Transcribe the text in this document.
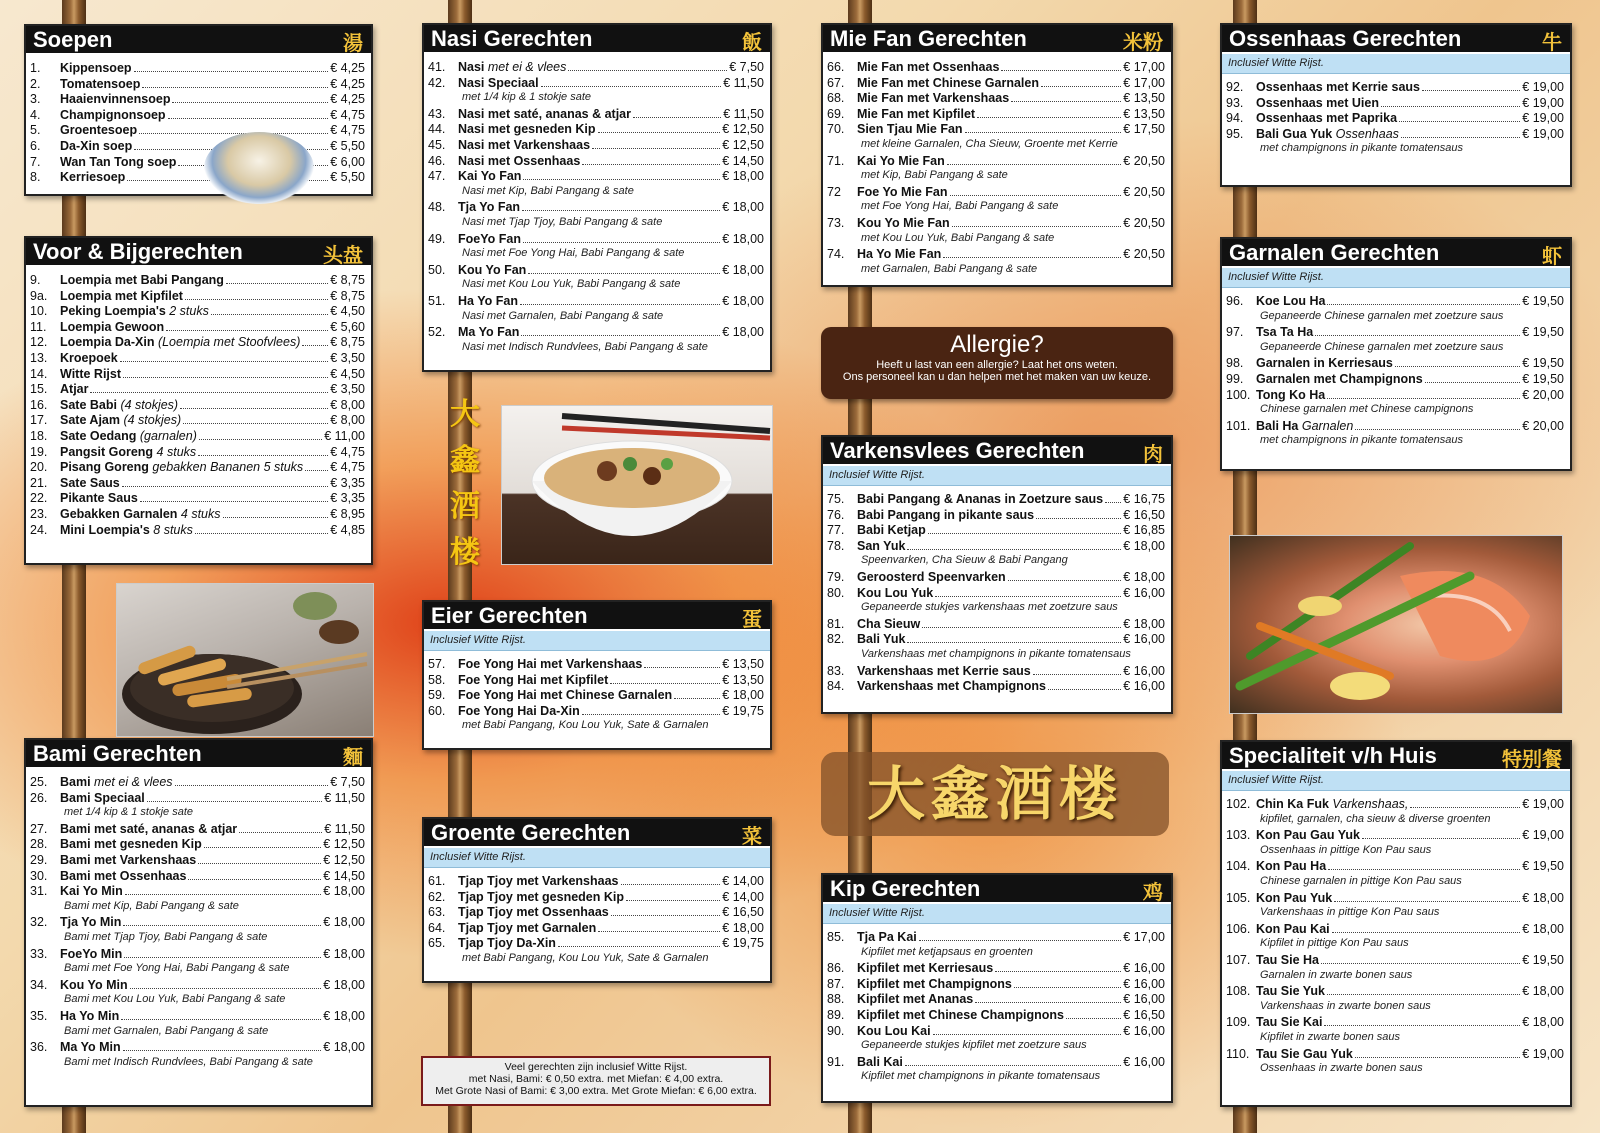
Soepen	湯
1.	Kippensoep	€ 4,25
2.	Tomatensoep	€ 4,25
3.	Haaienvinnensoep	€ 4,25
4.	Champignonsoep	€ 4,75
5.	Groentesoep	€ 4,75
6.	Da-Xin soep	€ 5,50
7.	Wan Tan Tong soep	€ 6,00
8.	Kerriesoep	€ 5,50
Voor & Bijgerechten	头盘
9.	Loempia met Babi Pangang	€ 8,75
9a.	Loempia met Kipfilet	€ 8,75
10.	Peking Loempia's 2 stuks	€ 4,50
11.	Loempia Gewoon	€ 5,60
12.	Loempia Da-Xin (Loempia met Stoofvlees) € 8,75
13.	Kroepoek	€ 3,50
14.	Witte Rijst	€ 4,50
15.	Atjar	€ 3,50
16.	Sate Babi (4 stokjes)	€ 8,00
17.	Sate Ajam (4 stokjes)	€ 8,00
18.	Sate Oedang (garnalen)	€ 11,00
19.	Pangsit Goreng 4 stuks	€ 4,75
20.	Pisang Goreng gebakken Bananen 5 stuks € 4,75
21.	Sate Saus	€ 3,35
22.	Pikante Saus	€ 3,35
23.	Gebakken Garnalen 4 stuks	€ 8,95
24.	Mini Loempia's 8 stuks	€ 4,85
Bami Gerechten	麵
25.	Bami met ei & vlees	€ 7,50
26.	Bami Speciaal	€ 11,50
met 1/4 kip & 1 stokje sate
27.	Bami met saté, ananas & atjar	€ 11,50
28.	Bami met gesneden Kip	€ 12,50
29.	Bami met Varkenshaas	€ 12,50
30.	Bami met Ossenhaas	€ 14,50
31.	Kai Yo Min	€ 18,00
Bami met Kip, Babi Pangang & sate
32.	Tja Yo Min	€ 18,00
Bami met Tjap Tjoy, Babi Pangang & sate
33.	FoeYo Min	€ 18,00
Bami met Foe Yong Hai, Babi Pangang & sate
34.	Kou Yo Min	€ 18,00
Bami met Kou Lou Yuk, Babi Pangang & sate
35.	Ha Yo Min	€ 18,00
Bami met Garnalen, Babi Pangang & sate
36.	Ma Yo Min	€ 18,00
Bami met Indisch Rundvlees, Babi Pangang & sate
Nasi Gerechten	飯
41.	Nasi met ei & vlees	€ 7,50
42.	Nasi Speciaal	€ 11,50
met 1/4 kip & 1 stokje sate
43.	Nasi met saté, ananas & atjar	€ 11,50
44.	Nasi met gesneden Kip	€ 12,50
45.	Nasi met Varkenshaas	€ 12,50
46.	Nasi met Ossenhaas	€ 14,50
47.	Kai Yo Fan	€ 18,00
Nasi met Kip, Babi Pangang & sate
48.	Tja Yo Fan	€ 18,00
Nasi met Tjap Tjoy, Babi Pangang & sate
49.	FoeYo Fan	€ 18,00
Nasi met Foe Yong Hai, Babi Pangang & sate
50.	Kou Yo Fan	€ 18,00
Nasi met Kou Lou Yuk, Babi Pangang & sate
51.	Ha Yo Fan	€ 18,00
Nasi met Garnalen, Babi Pangang & sate
52.	Ma Yo Fan	€ 18,00
Nasi met Indisch Rundvlees, Babi Pangang & sate
Eier Gerechten	蛋
Inclusief Witte Rijst.
57.	Foe Yong Hai met Varkenshaas	€ 13,50
58.	Foe Yong Hai met Kipfilet	€ 13,50
59.	Foe Yong Hai met Chinese Garnalen	€ 18,00
60.	Foe Yong Hai Da-Xin	€ 19,75
met Babi Pangang, Kou Lou Yuk, Sate & Garnalen
Groente Gerechten	菜
Inclusief Witte Rijst.
61.	Tjap Tjoy met Varkenshaas	€ 14,00
62.	Tjap Tjoy met gesneden Kip	€ 14,00
63.	Tjap Tjoy met Ossenhaas	€ 16,50
64.	Tjap Tjoy met Garnalen	€ 18,00
65.	Tjap Tjoy Da-Xin	€ 19,75
met Babi Pangang, Kou Lou Yuk, Sate & Garnalen
Mie Fan Gerechten	米粉
66.	Mie Fan met Ossenhaas	€ 17,00
67.	Mie Fan met Chinese Garnalen	€ 17,00
68.	Mie Fan met Varkenshaas	€ 13,50
69.	Mie Fan met Kipfilet	€ 13,50
70.	Sien Tjau Mie Fan	€ 17,50
met kleine Garnalen, Cha Sieuw, Groente met Kerrie
71.	Kai Yo Mie Fan	€ 20,50
met Kip, Babi Pangang & sate
72	Foe Yo Mie Fan	€ 20,50
met Foe Yong Hai, Babi Pangang & sate
73.	Kou Yo Mie Fan	€ 20,50
met Kou Lou Yuk, Babi Pangang & sate
74.	Ha Yo Mie Fan	€ 20,50
met Garnalen, Babi Pangang & sate
Varkensvlees Gerechten	肉
Inclusief Witte Rijst.
75.	Babi Pangang & Ananas in Zoetzure saus € 16,75
76.	Babi Pangang in pikante saus	€ 16,50
77.	Babi Ketjap	€ 16,85
78.	San Yuk	€ 18,00
Speenvarken, Cha Sieuw & Babi Pangang
79.	Geroosterd Speenvarken	€ 18,00
80.	Kou Lou Yuk	€ 16,00
Gepaneerde stukjes varkenshaas met zoetzure saus
81.	Cha Sieuw	€ 18,00
82.	Bali Yuk	€ 16,00
Varkenshaas met champignons in pikante tomatensaus
83.	Varkenshaas met Kerrie saus	€ 16,00
84.	Varkenshaas met Champignons	€ 16,00
Kip Gerechten	鸡
Inclusief Witte Rijst.
85.	Tja Pa Kai	€ 17,00
Kipfilet met ketjapsaus en groenten
86.	Kipfilet met Kerriesaus	€ 16,00
87.	Kipfilet met Champignons	€ 16,00
88.	Kipfilet met Ananas	€ 16,00
89.	Kipfilet met Chinese Champignons	€ 16,50
90.	Kou Lou Kai	€ 16,00
Gepaneerde stukjes kipfilet met zoetzure saus
91.	Bali Kai	€ 16,00
Kipfilet met champignons in pikante tomatensaus
Ossenhaas Gerechten	牛
Inclusief Witte Rijst.
92.	Ossenhaas met Kerrie saus	€ 19,00
93.	Ossenhaas met Uien	€ 19,00
94.	Ossenhaas met Paprika	€ 19,00
95.	Bali Gua Yuk Ossenhaas	€ 19,00
met champignons in pikante tomatensaus
Garnalen Gerechten	虾
Inclusief Witte Rijst.
96.	Koe Lou Ha	€ 19,50
Gepaneerde Chinese garnalen met zoetzure saus
97.	Tsa Ta Ha	€ 19,50
Gepaneerde Chinese garnalen met zoetzure saus
98.	Garnalen in Kerriesaus	€ 19,50
99.	Garnalen met Champignons	€ 19,50
100. Tong Ko Ha	€ 20,00
Chinese garnalen met Chinese campignons
101. Bali Ha Garnalen	€ 20,00
met champignons in pikante tomatensaus
Specialiteit v/h Huis	特别餐
Inclusief Witte Rijst.
102. Chin Ka Fuk Varkenshaas,	€ 19,00
kipfilet, garnalen, cha sieuw & diverse groenten
103. Kon Pau Gau Yuk	€ 19,00
Ossenhaas in pittige Kon Pau saus
104. Kon Pau Ha	€ 19,50
Chinese garnalen in pittige Kon Pau saus
105. Kon Pau Yuk	€ 18,00
Varkenshaas in pittige Kon Pau saus
106. Kon Pau Kai	€ 18,00
Kipfilet in pittige Kon Pau saus
107. Tau Sie Ha	€ 19,50
Garnalen in zwarte bonen saus
108. Tau Sie Yuk	€ 18,00
Varkenshaas in zwarte bonen saus
109. Tau Sie Kai	€ 18,00
Kipfilet in zwarte bonen saus
110. Tau Sie Gau Yuk	€ 19,00
Ossenhaas in zwarte bonen saus
大
鑫
酒
楼
Allergie?
Heeft u last van een allergie? Laat het ons weten.
Ons personeel kan u dan helpen met het maken van uw keuze.
大鑫酒楼
Veel gerechten zijn inclusief Witte Rijst.
met Nasi, Bami: € 0,50 extra. met Miefan: € 4,00 extra.
Met Grote Nasi of Bami: € 3,00 extra. Met Grote Miefan: € 6,00 extra.
